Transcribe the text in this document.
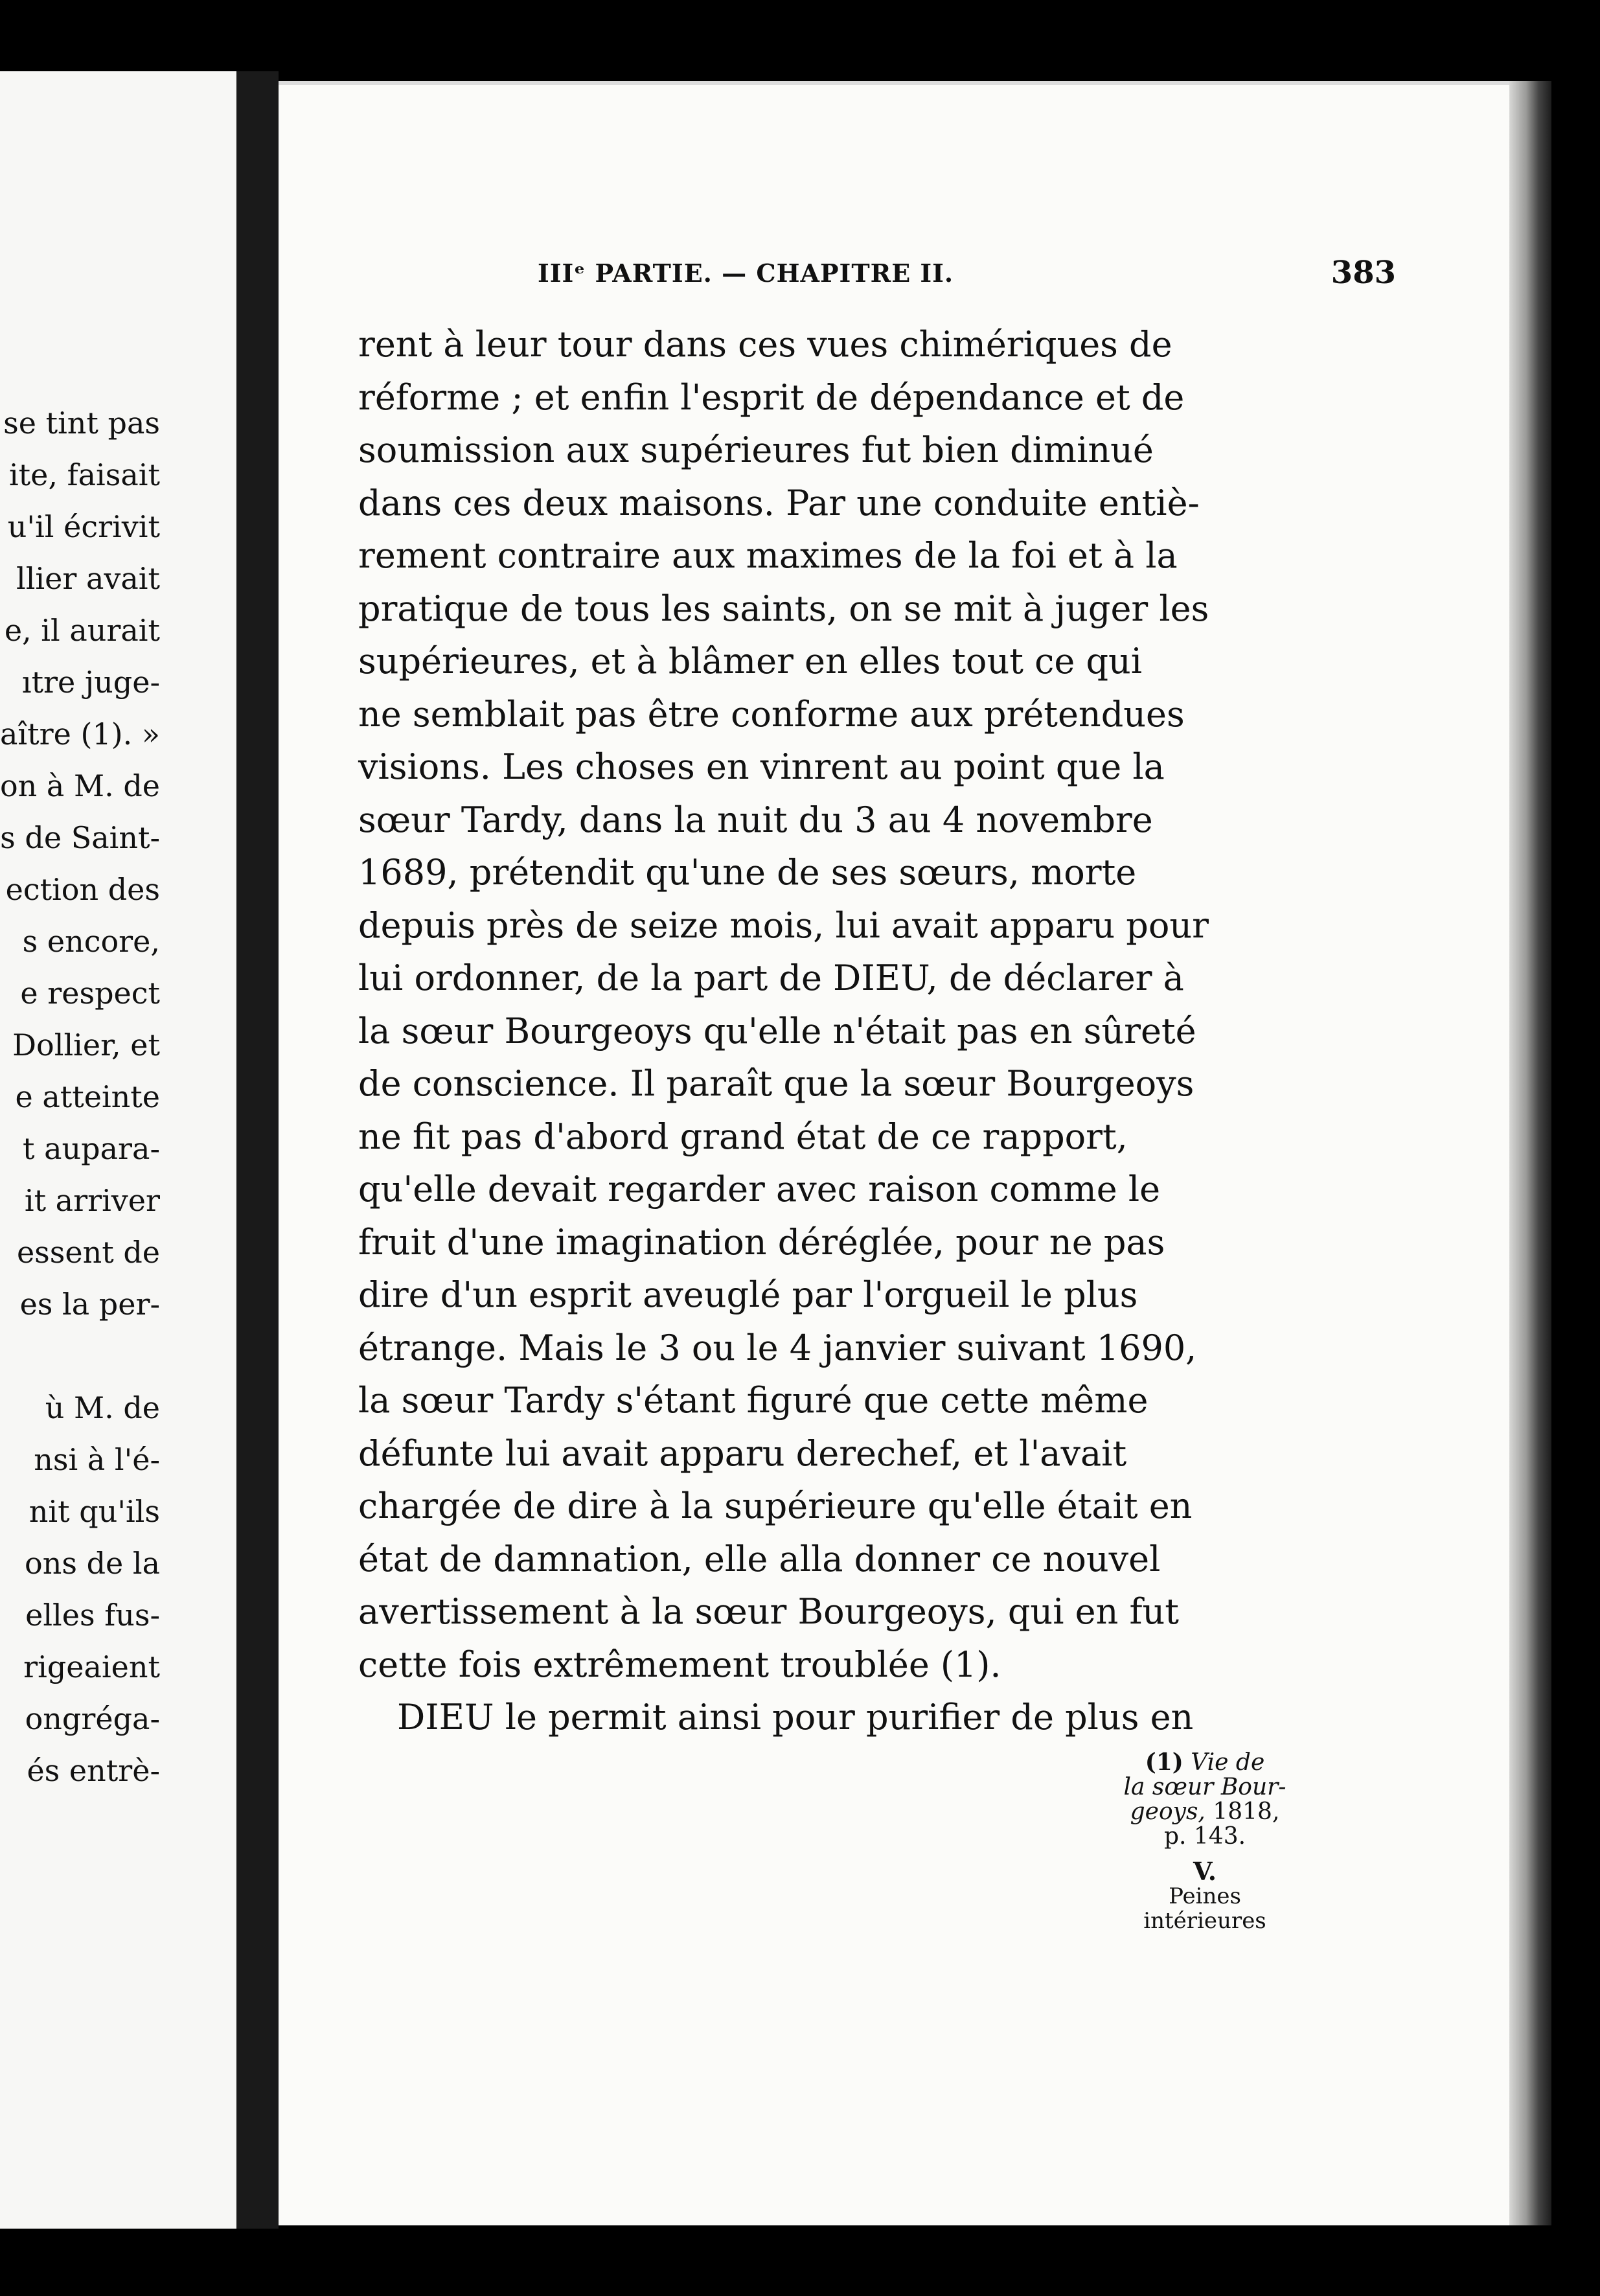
se tint pas
ite, faisait
u'il écrivit
llier avait
e, il aurait
ıtre juge-
aître (1). »
on à M. de
s de Saint-
ection des
s encore,
e respect
Dollier, et
e atteinte
t aupara-
it arriver
essent de
es la per-
ù M. de
nsi à l'é-
nit qu'ils
ons de la
elles fus-
rigeaient
ongréga-
és entrè-
IIIᵉ PARTIE. — CHAPITRE II.	383
rent à leur tour dans ces vues chimériques de
réforme ; et enfin l'esprit de dépendance et de
soumission aux supérieures fut bien diminué
dans ces deux maisons. Par une conduite entiè-
rement contraire aux maximes de la foi et à la
pratique de tous les saints, on se mit à juger les
supérieures, et à blâmer en elles tout ce qui
ne semblait pas être conforme aux prétendues
visions. Les choses en vinrent au point que la
sœur Tardy, dans la nuit du 3 au 4 novembre
1689, prétendit qu'une de ses sœurs, morte
depuis près de seize mois, lui avait apparu pour
lui ordonner, de la part de DIEU, de déclarer à
la sœur Bourgeoys qu'elle n'était pas en sûreté
de conscience. Il paraît que la sœur Bourgeoys
ne fit pas d'abord grand état de ce rapport,
qu'elle devait regarder avec raison comme le
fruit d'une imagination déréglée, pour ne pas
dire d'un esprit aveuglé par l'orgueil le plus
étrange. Mais le 3 ou le 4 janvier suivant 1690,
la sœur Tardy s'étant figuré que cette même
défunte lui avait apparu derechef, et l'avait
chargée de dire à la supérieure qu'elle était en
état de damnation, elle alla donner ce nouvel
avertissement à la sœur Bourgeoys, qui en fut
cette fois extrêmement troublée (1).
DIEU le permit ainsi pour purifier de plus en
(1) Vie de
la sœur Bour-
geoys, 1818,
p. 143.
V.
Peines
intérieures
